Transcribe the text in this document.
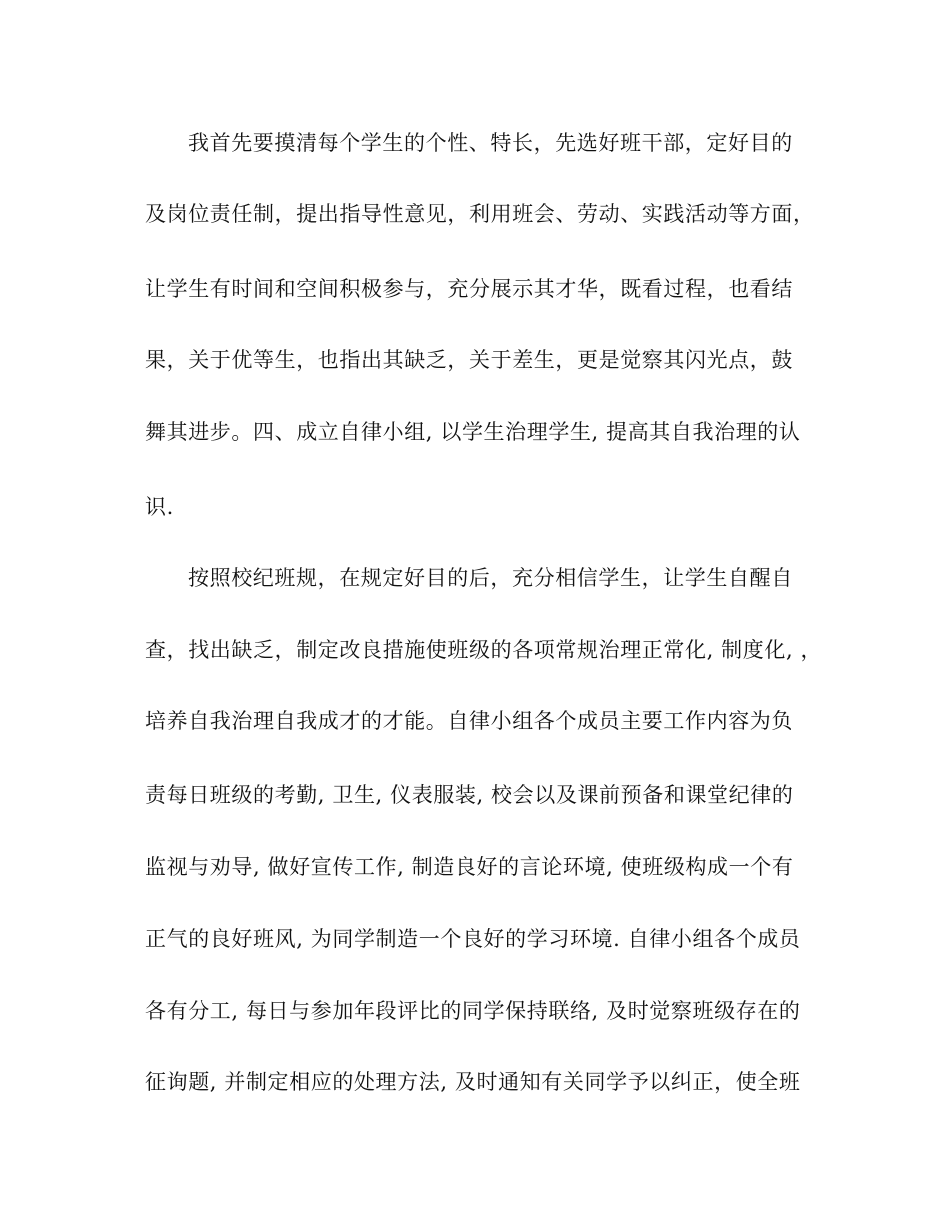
我首先要摸清每个学生的个性、特长，先选好班干部，定好目的
及岗位责任制，提出指导性意见，利用班会、劳动、实践活动等方面，
让学生有时间和空间积极参与，充分展示其才华，既看过程，也看结
果，关于优等生，也指出其缺乏，关于差生，更是觉察其闪光点，鼓
舞其进步。四、成立自律小组, 以学生治理学生, 提高其自我治理的认
识.
按照校纪班规，在规定好目的后，充分相信学生，让学生自醒自
查，找出缺乏，制定改良措施使班级的各项常规治理正常化, 制度化, ，
培养自我治理自我成才的才能。自律小组各个成员主要工作内容为负
责每日班级的考勤, 卫生, 仪表服装, 校会以及课前预备和课堂纪律的
监视与劝导, 做好宣传工作, 制造良好的言论环境, 使班级构成一个有
正气的良好班风, 为同学制造一个良好的学习环境. 自律小组各个成员
各有分工, 每日与参加年段评比的同学保持联络, 及时觉察班级存在的
征询题, 并制定相应的处理方法, 及时通知有关同学予以纠正，使全班
